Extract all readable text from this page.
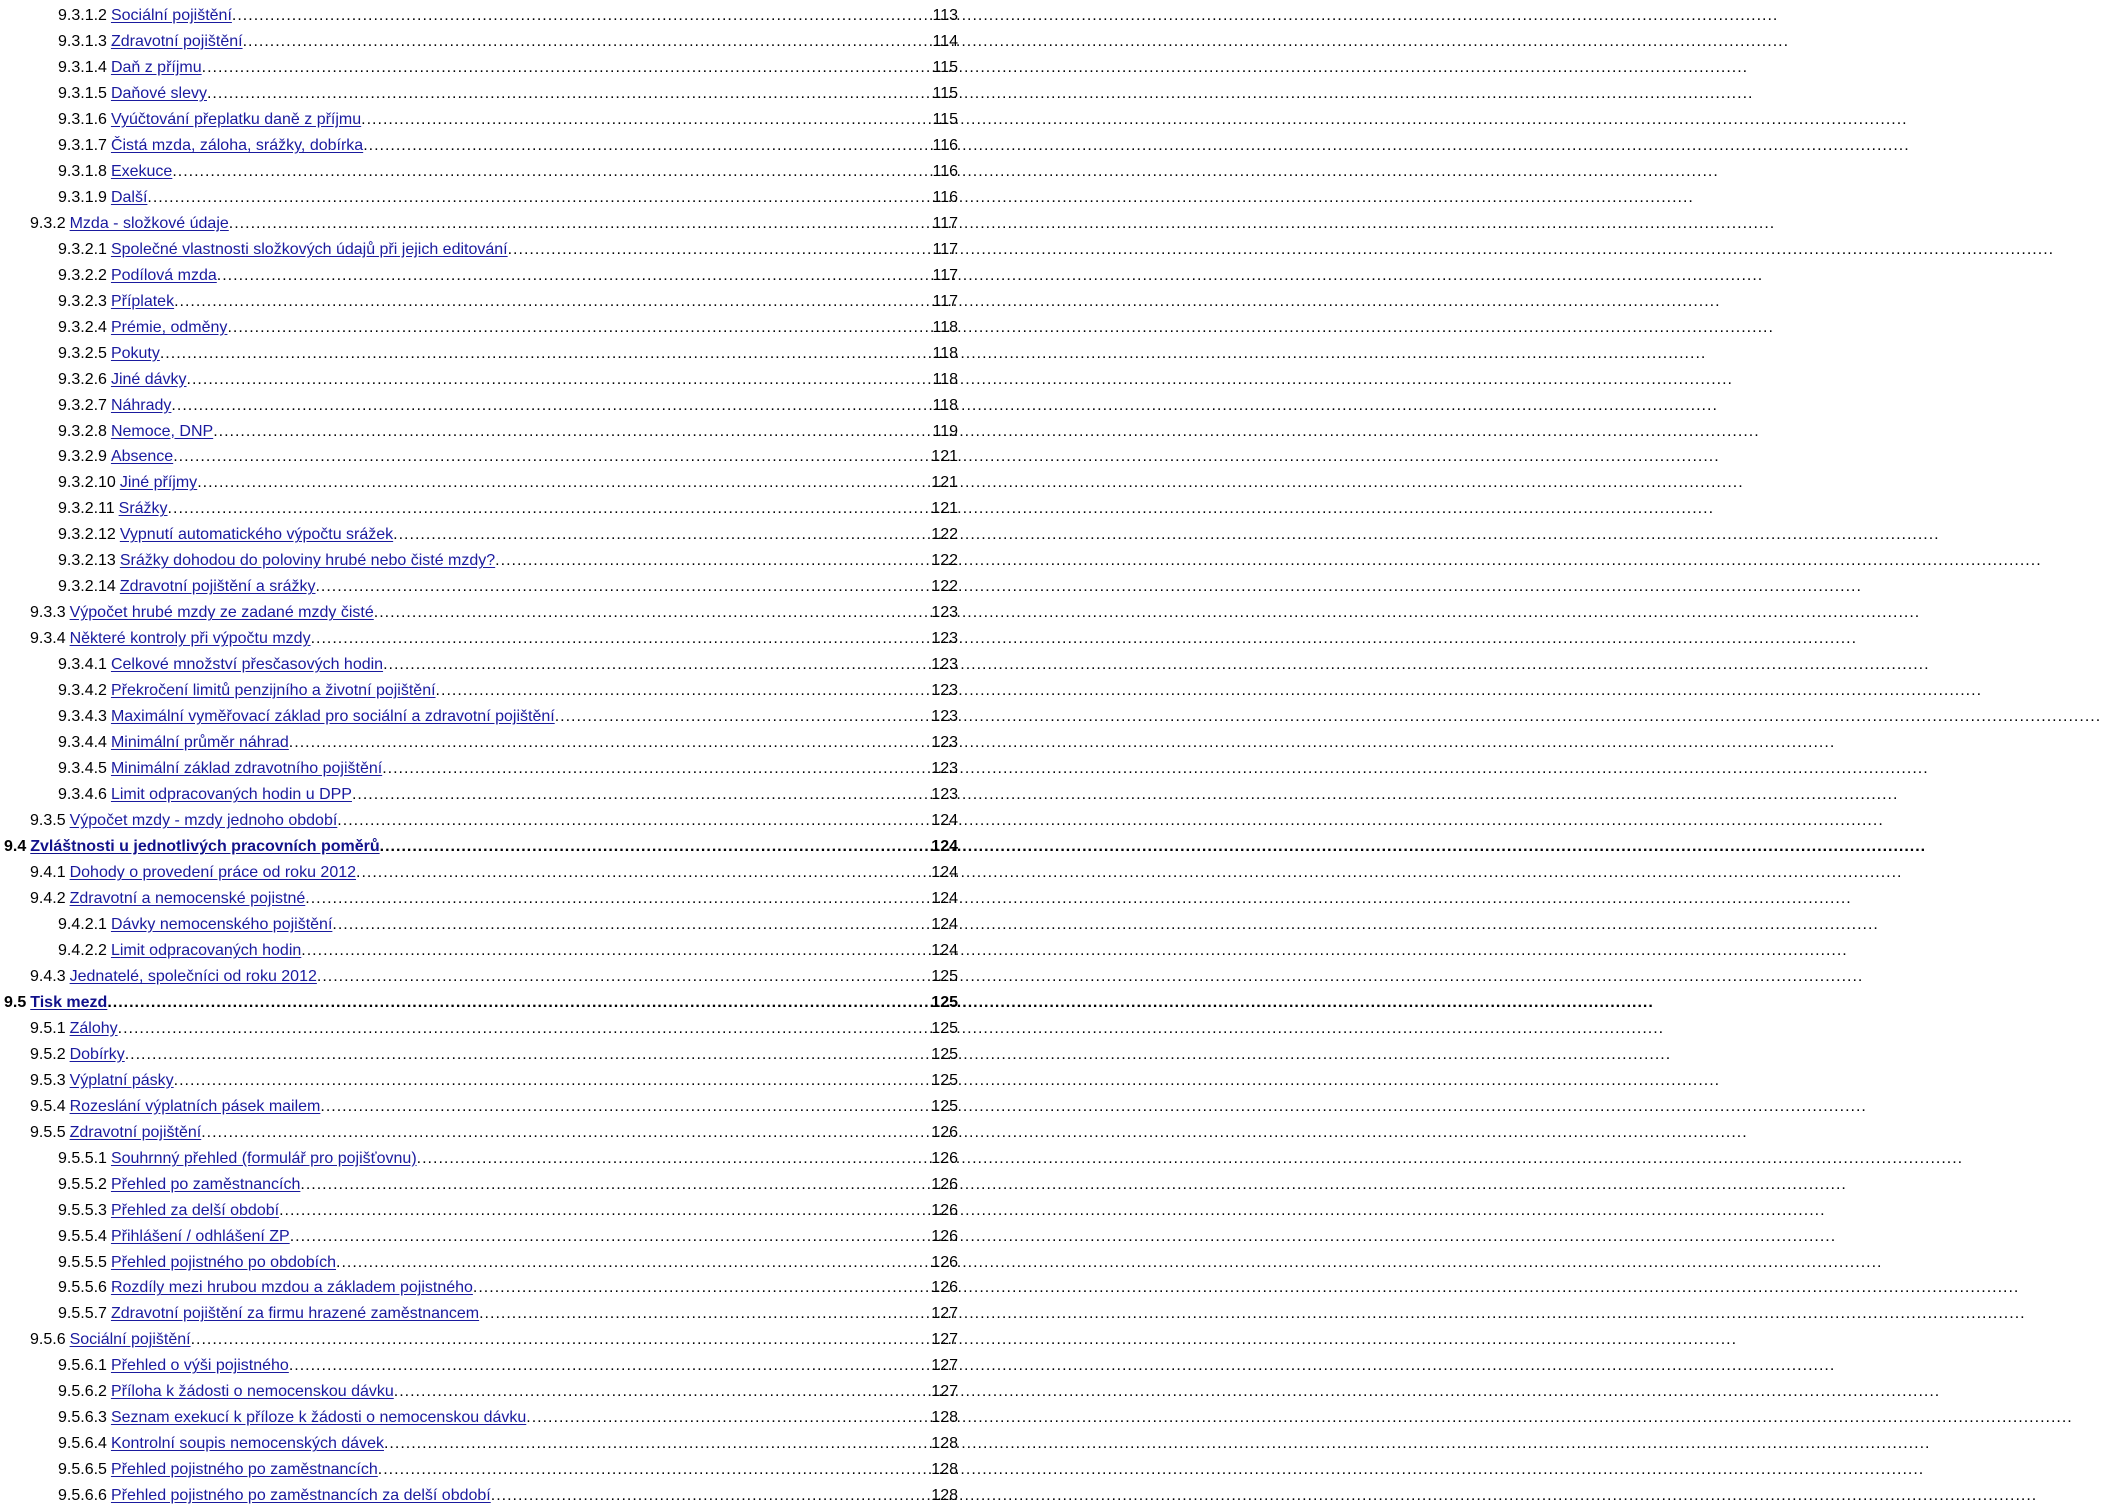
9.3.1.2 Sociální pojištění .....	113
9.3.1.3 Zdravotní pojištění .....	114
9.3.1.4 Daň z příjmu .....	115
9.3.1.5 Daňové slevy .....	115
9.3.1.6 Vyúčtování přeplatku daně z příjmu .....	115
9.3.1.7 Čistá mzda, záloha, srážky, dobírka .....	116
9.3.1.8 Exekuce .....	116
9.3.1.9 Další .....	116
9.3.2 Mzda - složkové údaje .....	117
9.3.2.1 Společné vlastnosti složkových údajů při jejich editování .....	117
9.3.2.2 Podílová mzda .....	117
9.3.2.3 Příplatek .....	117
9.3.2.4 Prémie, odměny .....	118
9.3.2.5 Pokuty .....	118
9.3.2.6 Jiné dávky .....	118
9.3.2.7 Náhrady .....	118
9.3.2.8 Nemoce, DNP .....	119
9.3.2.9 Absence .....	121
9.3.2.10 Jiné příjmy .....	121
9.3.2.11 Srážky .....	121
9.3.2.12 Vypnutí automatického výpočtu srážek .....	122
9.3.2.13 Srážky dohodou do poloviny hrubé nebo čisté mzdy? .....	122
9.3.2.14 Zdravotní pojištění a srážky .....	122
9.3.3 Výpočet hrubé mzdy ze zadané mzdy čisté .....	123
9.3.4 Některé kontroly při výpočtu mzdy .....	123
9.3.4.1 Celkové množství přesčasových hodin .....	123
9.3.4.2 Překročení limitů penzijního a životní pojištění .....	123
9.3.4.3 Maximální vyměřovací základ pro sociální a zdravotní pojištění .....	123
9.3.4.4 Minimální průměr náhrad .....	123
9.3.4.5 Minimální základ zdravotního pojištění .....	123
9.3.4.6 Limit odpracovaných hodin u DPP .....	123
9.3.5 Výpočet mzdy - mzdy jednoho období .....	124
9.4 Zvláštnosti u jednotlivých pracovních poměrů .....	124
9.4.1 Dohody o provedení práce od roku 2012 .....	124
9.4.2 Zdravotní a nemocenské pojistné .....	124
9.4.2.1 Dávky nemocenského pojištění .....	124
9.4.2.2 Limit odpracovaných hodin .....	124
9.4.3 Jednatelé, společníci od roku 2012 .....	125
9.5 Tisk mezd .....	125
9.5.1 Zálohy .....	125
9.5.2 Dobírky .....	125
9.5.3 Výplatní pásky .....	125
9.5.4 Rozeslání výplatních pásek mailem .....	125
9.5.5 Zdravotní pojištění .....	126
9.5.5.1 Souhrnný přehled (formulář pro pojišťovnu) .....	126
9.5.5.2 Přehled po zaměstnancích .....	126
9.5.5.3 Přehled za delší období .....	126
9.5.5.4 Přihlášení / odhlášení ZP .....	126
9.5.5.5 Přehled pojistného po obdobích .....	126
9.5.5.6 Rozdíly mezi hrubou mzdou a základem pojistného .....	126
9.5.5.7 Zdravotní pojištění za firmu hrazené zaměstnancem .....	127
9.5.6 Sociální pojištění .....	127
9.5.6.1 Přehled o výši pojistného .....	127
9.5.6.2 Příloha k žádosti o nemocenskou dávku .....	127
9.5.6.3 Seznam exekucí k příloze k žádosti o nemocenskou dávku .....	128
9.5.6.4 Kontrolní soupis nemocenských dávek .....	128
9.5.6.5 Přehled pojistného po zaměstnancích .....	128
9.5.6.6 Přehled pojistného po zaměstnancích za delší období .....	128
